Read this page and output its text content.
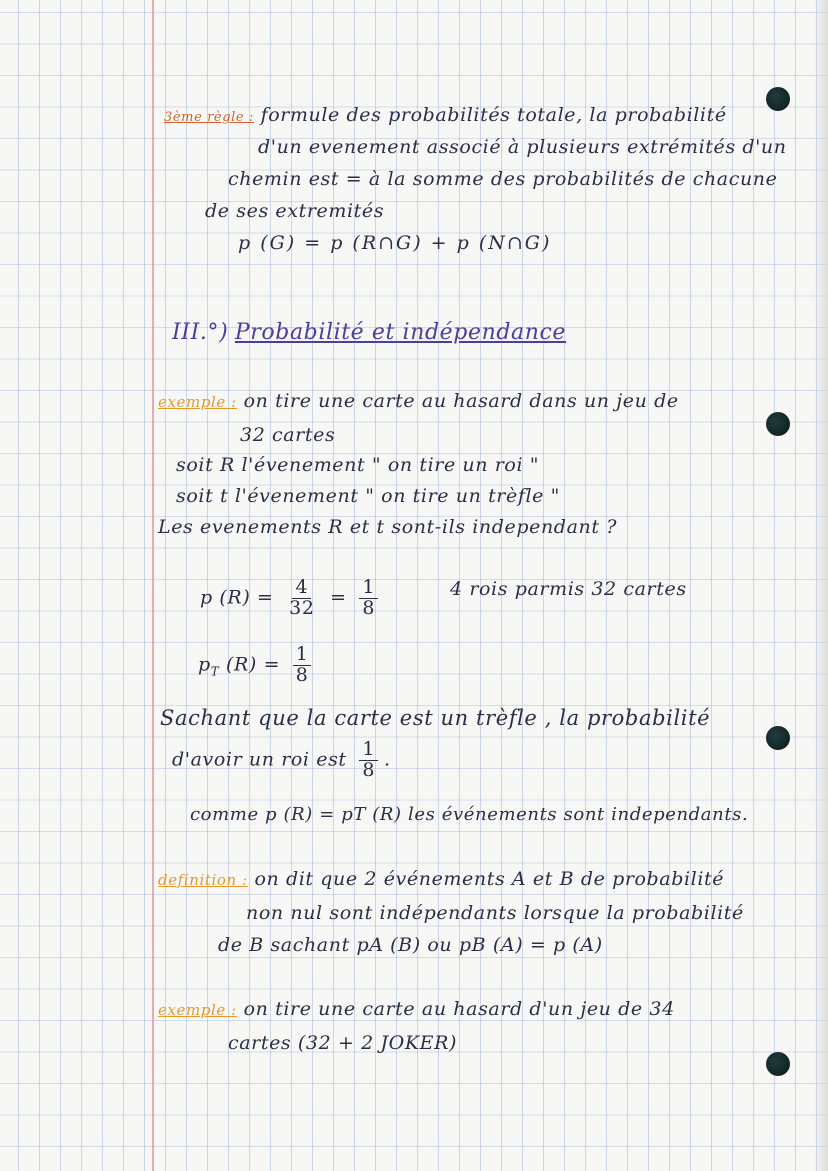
3ème règle : formule des probabilités totale, la probabilité
d'un evenement associé à plusieurs extrémités d'un
chemin est = à la somme des probabilités de chacune
de ses extremités
p (G) = p (R∩G) + p (N∩G)
III.°) Probabilité et indépendance
exemple : on tire une carte au hasard dans un jeu de
32 cartes
soit R l'évenement " on tire un roi "
soit t l'évenement " on tire un trèfle "
Les evenements R et t sont-ils independant ?
p $(R) = \frac{4}{32} = \frac{1}{8}$	4 rois parmis 32 cartes
$p_T$ $(R) = \frac{1}{8}$
Sachant que la carte est un trèfle , la probabilité
d'avoir un roi est $\frac{1}{8}$ .
comme p (R) = pT (R) les événements sont independants.
definition : on dit que 2 événements A et B de probabilité
non nul sont indépendants lorsque la probabilité
de B sachant pA (B) ou pB (A) = p (A)
exemple : on tire une carte au hasard d'un jeu de 34
cartes (32 + 2 JOKER)
